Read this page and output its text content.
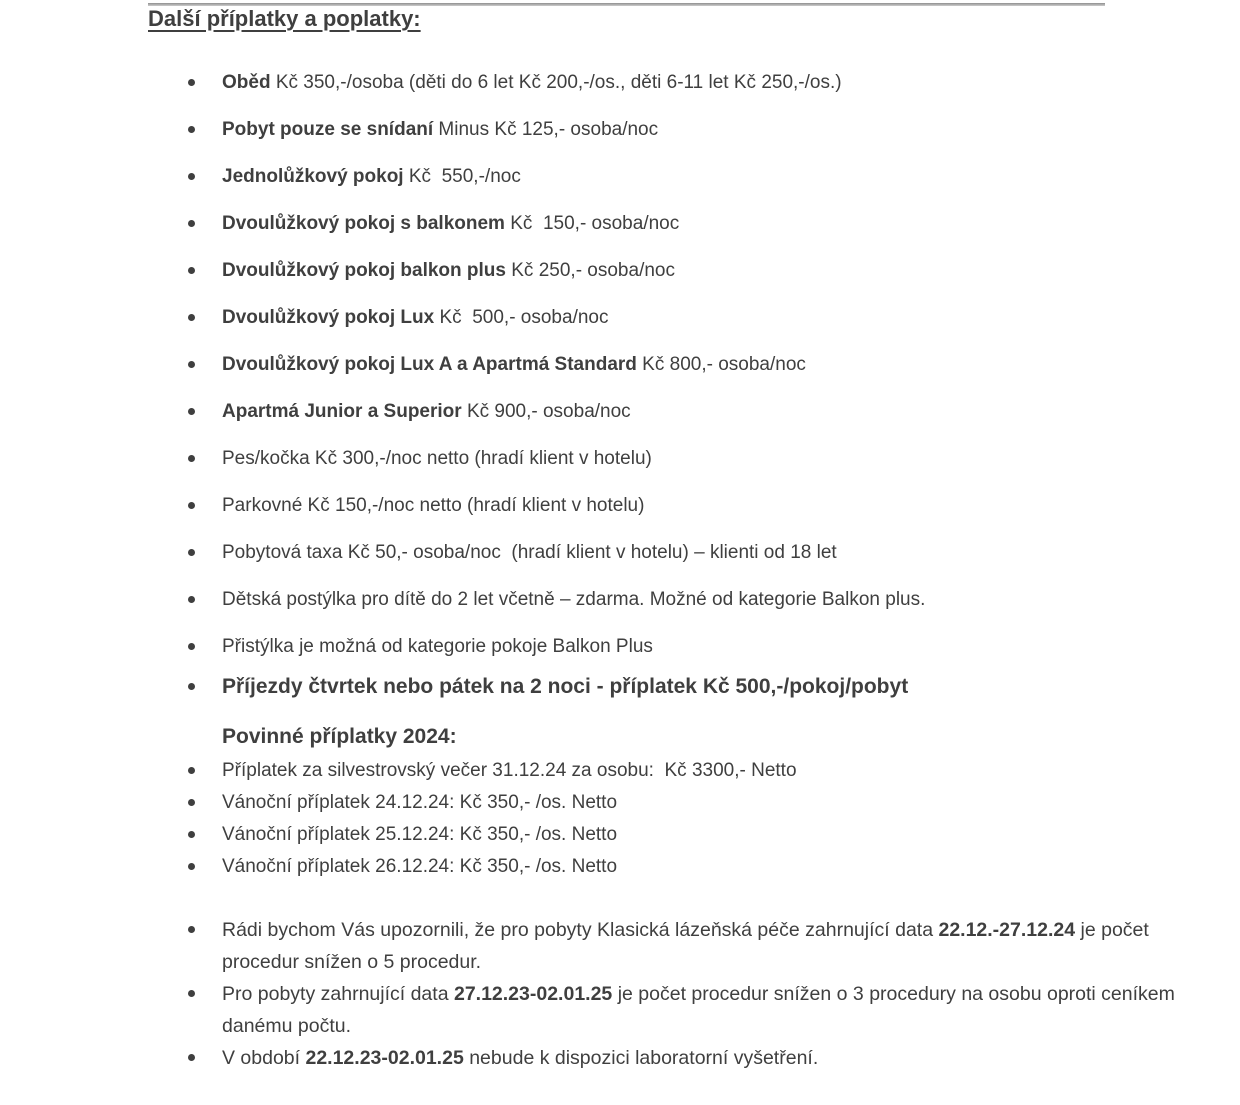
Další příplatky a poplatky:
Oběd Kč 350,-/osoba (děti do 6 let Kč 200,-/os., děti 6-11 let Kč 250,-/os.)
Pobyt pouze se snídaní Minus Kč 125,- osoba/noc
Jednolůžkový pokoj Kč  550,-/noc
Dvoulůžkový pokoj s balkonem Kč  150,- osoba/noc
Dvoulůžkový pokoj balkon plus Kč 250,- osoba/noc
Dvoulůžkový pokoj Lux Kč  500,- osoba/noc
Dvoulůžkový pokoj Lux A a Apartmá Standard Kč 800,- osoba/noc
Apartmá Junior a Superior Kč 900,- osoba/noc
Pes/kočka Kč 300,-/noc netto (hradí klient v hotelu)
Parkovné Kč 150,-/noc netto (hradí klient v hotelu)
Pobytová taxa Kč 50,- osoba/noc  (hradí klient v hotelu) – klienti od 18 let
Dětská postýlka pro dítě do 2 let včetně – zdarma. Možné od kategorie Balkon plus.
Přistýlka je možná od kategorie pokoje Balkon Plus
Příjezdy čtvrtek nebo pátek na 2 noci - příplatek Kč 500,-/pokoj/pobyt
Povinné příplatky 2024:
Příplatek za silvestrovský večer 31.12.24 za osobu:  Kč 3300,- Netto
Vánoční příplatek 24.12.24: Kč 350,- /os. Netto
Vánoční příplatek 25.12.24: Kč 350,- /os. Netto
Vánoční příplatek 26.12.24: Kč 350,- /os. Netto
Rádi bychom Vás upozornili, že pro pobyty Klasická lázeňská péče zahrnující data 22.12.-27.12.24 je počet procedur snížen o 5 procedur.
Pro pobyty zahrnující data 27.12.23-02.01.25 je počet procedur snížen o 3 procedury na osobu oproti ceníkem danému počtu.
V období 22.12.23-02.01.25 nebude k dispozici laboratorní vyšetření.
